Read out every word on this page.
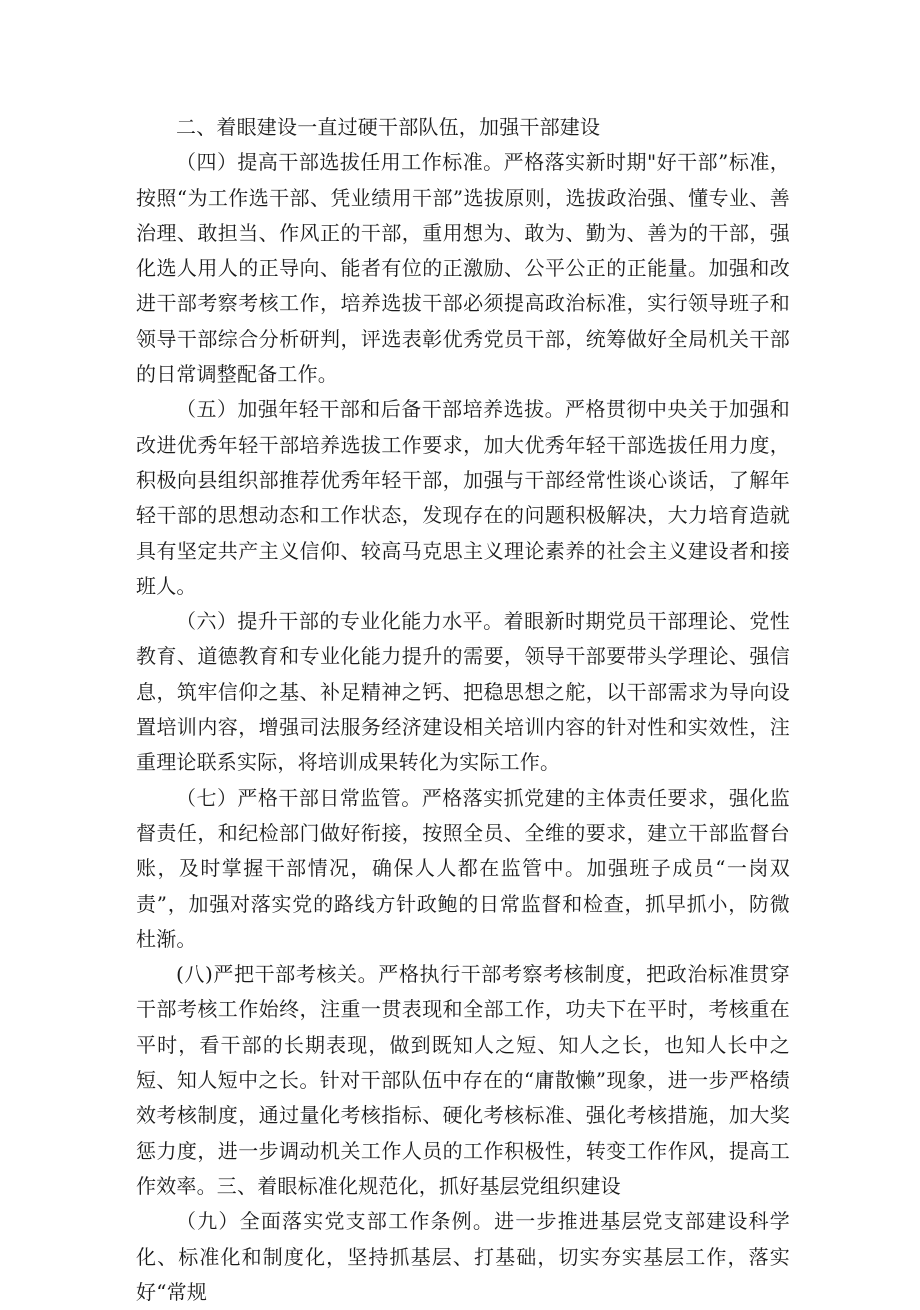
二、着眼建设一直过硬干部队伍，加强干部建设

（四）提高干部选拔任用工作标准。严格落实新时期"好干部”标准，按照“为工作选干部、凭业绩用干部”选拔原则，选拔政治强、懂专业、善治理、敢担当、作风正的干部，重用想为、敢为、勤为、善为的干部，强化选人用人的正导向、能者有位的正激励、公平公正的正能量。加强和改进干部考察考核工作，培养选拔干部必须提高政治标准，实行领导班子和领导干部综合分析研判，评选表彰优秀党员干部，统筹做好全局机关干部的日常调整配备工作。

（五）加强年轻干部和后备干部培养选拔。严格贯彻中央关于加强和改进优秀年轻干部培养选拔工作要求，加大优秀年轻干部选拔任用力度，积极向县组织部推荐优秀年轻干部，加强与干部经常性谈心谈话，了解年轻干部的思想动态和工作状态，发现存在的问题积极解决，大力培育造就具有坚定共产主义信仰、较高马克思主义理论素养的社会主义建设者和接班人。

（六）提升干部的专业化能力水平。着眼新时期党员干部理论、党性教育、道德教育和专业化能力提升的需要，领导干部要带头学理论、强信息，筑牢信仰之基、补足精神之钙、把稳思想之舵，以干部需求为导向设置培训内容，增强司法服务经济建设相关培训内容的针对性和实效性，注重理论联系实际，将培训成果转化为实际工作。

（七）严格干部日常监管。严格落实抓党建的主体责任要求，强化监督责任，和纪检部门做好衔接，按照全员、全维的要求，建立干部监督台账，及时掌握干部情况，确保人人都在监管中。加强班子成员“一岗双责”，加强对落实党的路线方针政鲍的日常监督和检查，抓早抓小，防微杜渐。

(八)严把干部考核关。严格执行干部考察考核制度，把政治标准贯穿干部考核工作始终，注重一贯表现和全部工作，功夫下在平时，考核重在平时，看干部的长期表现，做到既知人之短、知人之长，也知人长中之短、知人短中之长。针对干部队伍中存在的“庸散懒”现象，进一步严格绩效考核制度，通过量化考核指标、硬化考核标准、强化考核措施，加大奖惩力度，进一步调动机关工作人员的工作积极性，转变工作作风，提高工作效率。三、着眼标准化规范化，抓好基层党组织建设

（九）全面落实党支部工作条例。进一步推进基层党支部建设科学化、标准化和制度化，坚持抓基层、打基础，切实夯实基层工作，落实好“常规
